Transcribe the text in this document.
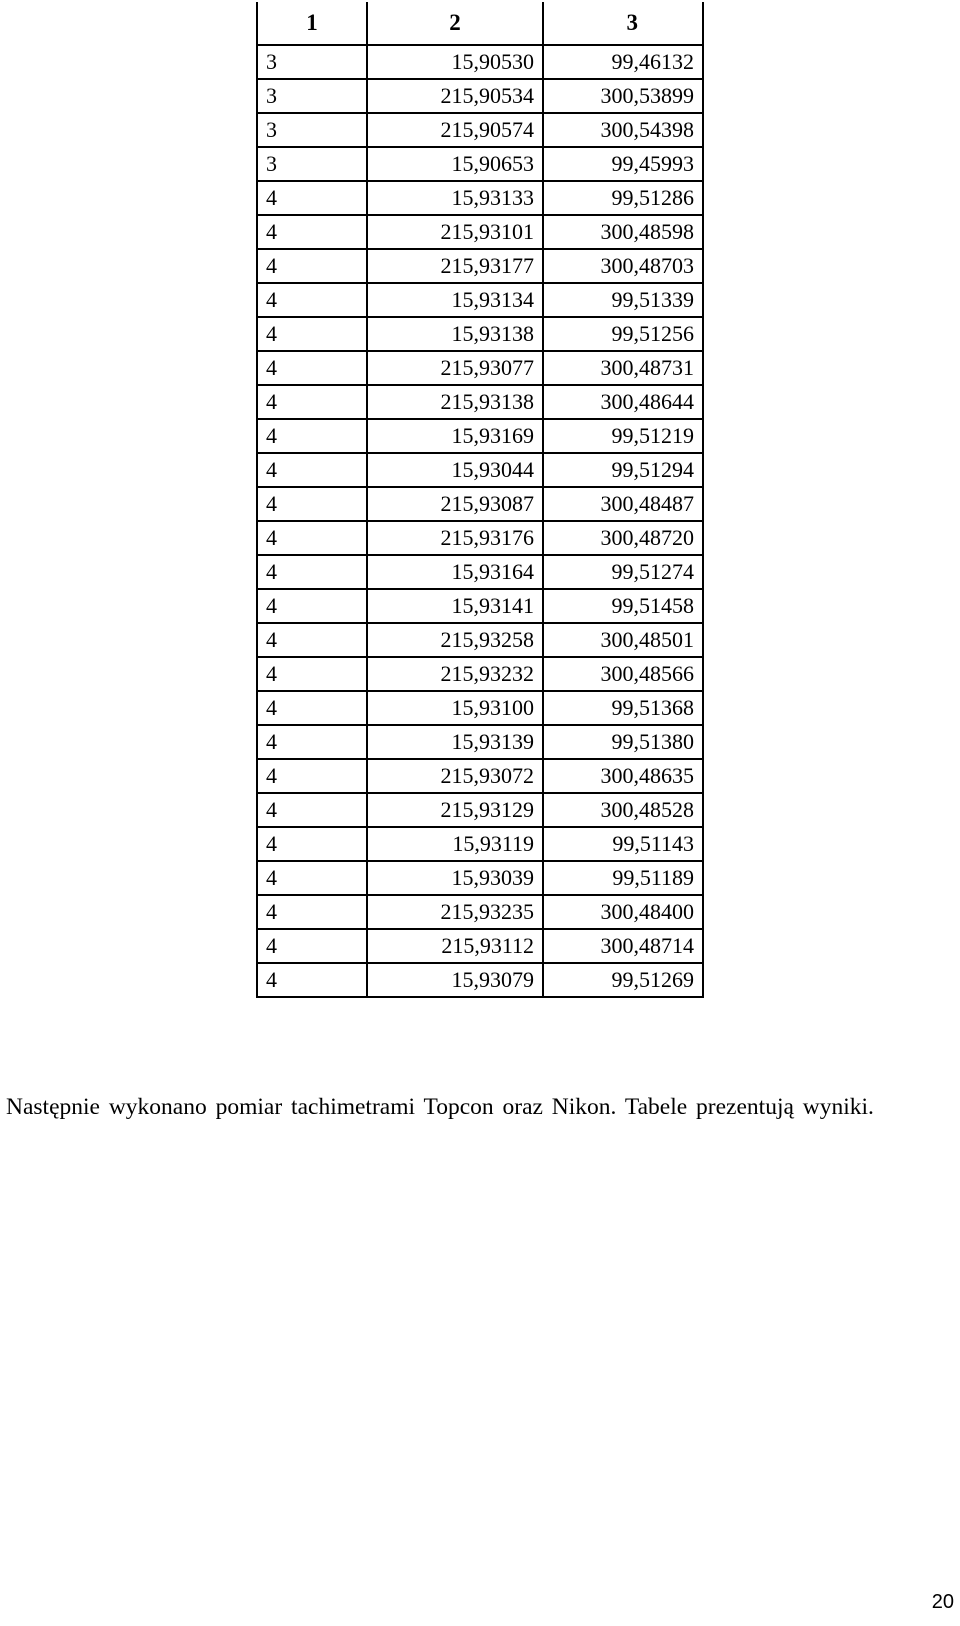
1	2	3
3	15,90530	99,46132
3	215,90534	300,53899
3	215,90574	300,54398
3	15,90653	99,45993
4	15,93133	99,51286
4	215,93101	300,48598
4	215,93177	300,48703
4	15,93134	99,51339
4	15,93138	99,51256
4	215,93077	300,48731
4	215,93138	300,48644
4	15,93169	99,51219
4	15,93044	99,51294
4	215,93087	300,48487
4	215,93176	300,48720
4	15,93164	99,51274
4	15,93141	99,51458
4	215,93258	300,48501
4	215,93232	300,48566
4	15,93100	99,51368
4	15,93139	99,51380
4	215,93072	300,48635
4	215,93129	300,48528
4	15,93119	99,51143
4	15,93039	99,51189
4	215,93235	300,48400
4	215,93112	300,48714
4	15,93079	99,51269

Następnie wykonano pomiar tachimetrami Topcon oraz Nikon. Tabele prezentują wyniki.

20
